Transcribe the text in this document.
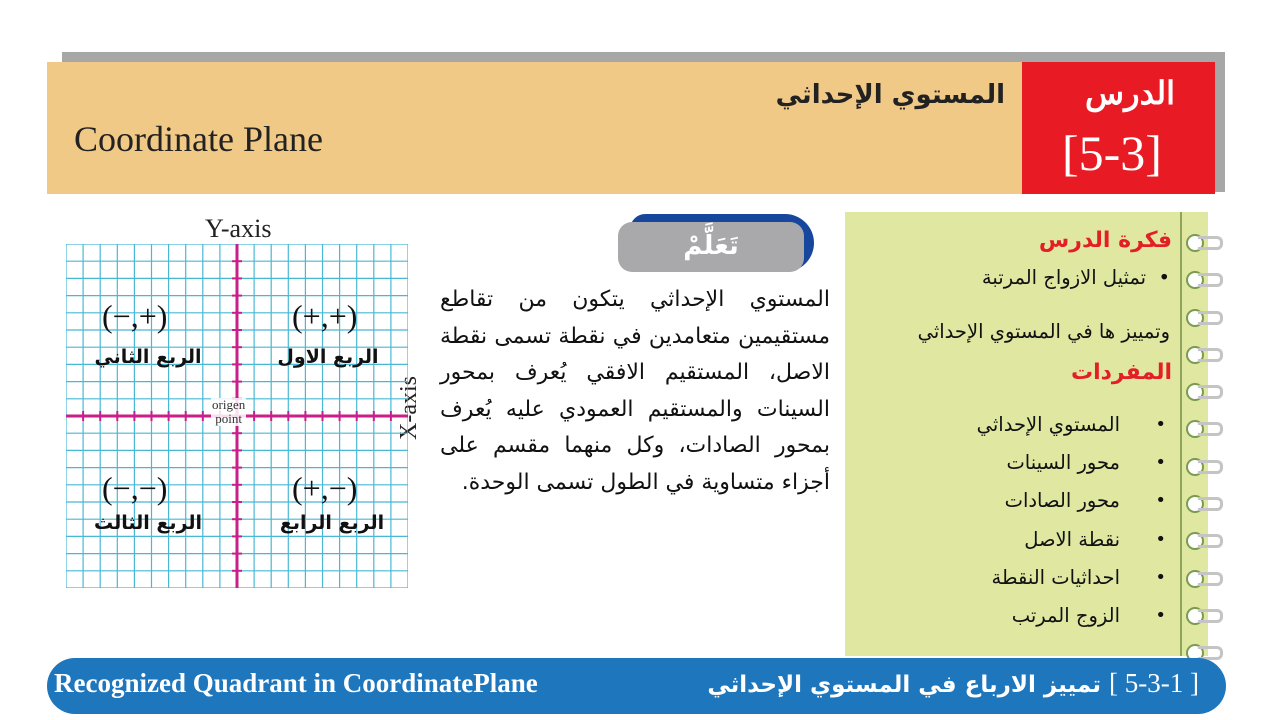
Coordinate Plane
المستوي الإحداثي	الدرس
[5-3]
Y-axis
X-axis
origen
point
(+,+)
الربع الاول
(−,+)
الربع الثاني
(−,−)
الربع الثالث
(+,−)
الربع الرابع
تَعَلَّمْ
المستوي الإحداثي يتكون من تقاطع مستقيمين متعامدين في نقطة تسمى نقطة الاصل، المستقيم الافقي يُعرف بمحور السينات والمستقيم العمودي عليه يُعرف بمحور الصادات، وكل منهما مقسم على أجزاء متساوية في الطول تسمى الوحدة.
فكرة الدرس
•  تمثيل الازواج المرتبة
وتمييز ها في المستوي الإحداثي
المفردات
• المستوي الإحداثي
• محور السينات
• محور الصادات
• نقطة الاصل
• احداثيات النقطة
• الزوج المرتب
Recognized Quadrant in CoordinatePlane	[ 5-3-1 ] تمييز الارباع في المستوي الإحداثي
